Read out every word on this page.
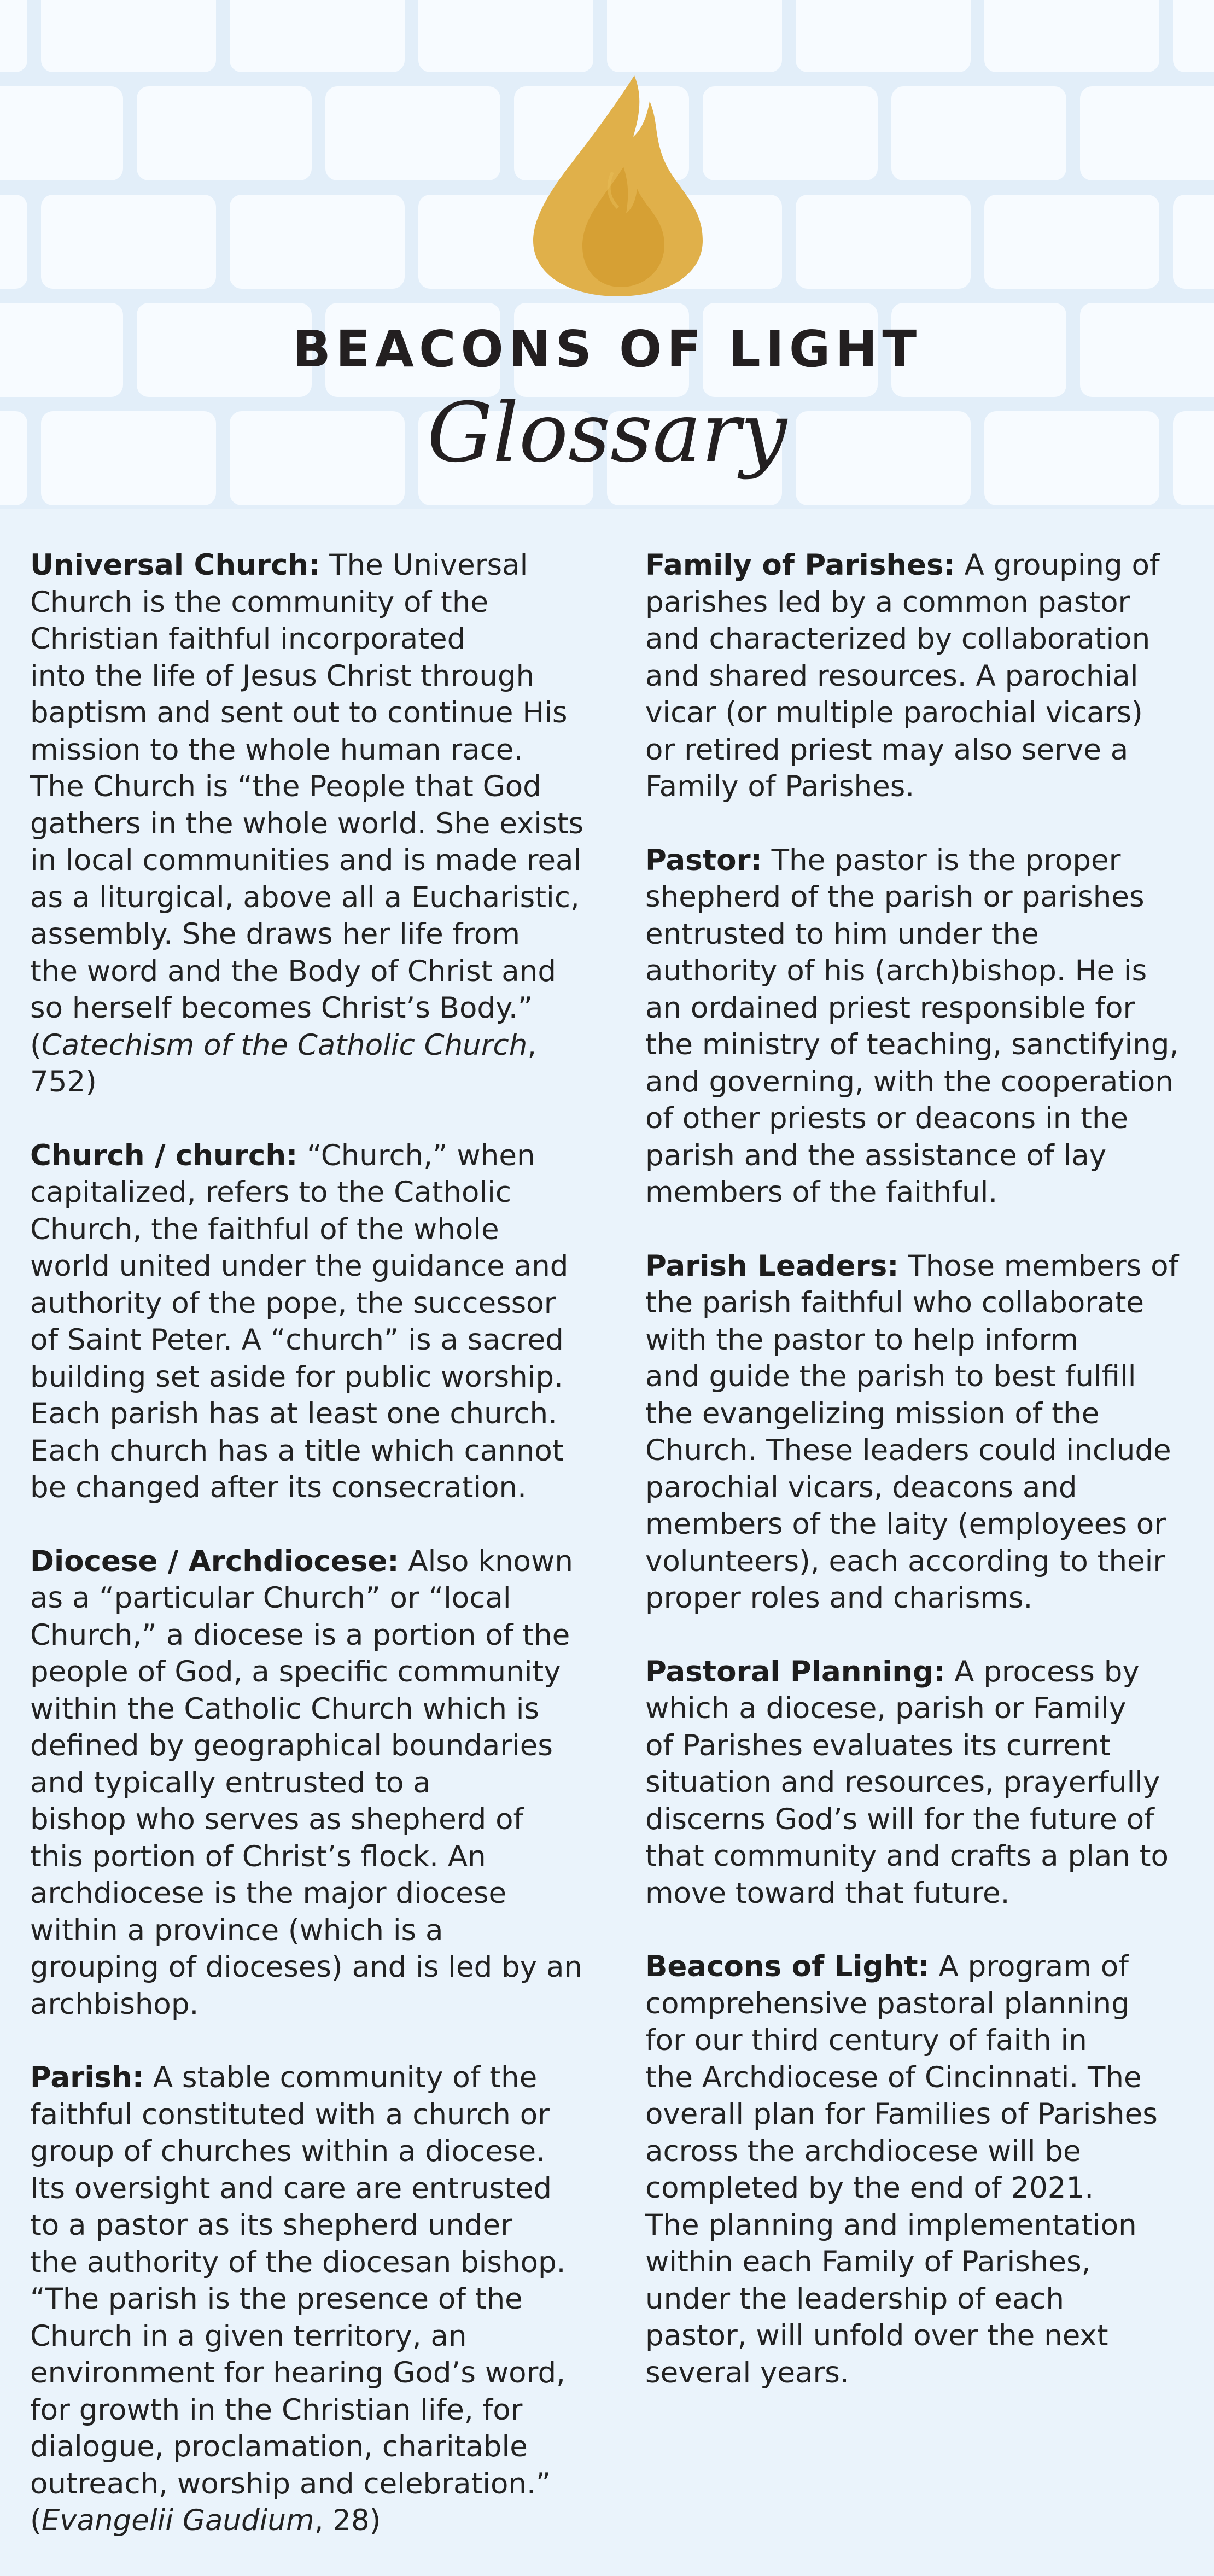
BEACONS OF LIGHT
Glossary

Universal Church: The Universal
Church is the community of the
Christian faithful incorporated
into the life of Jesus Christ through
baptism and sent out to continue His
mission to the whole human race.
The Church is “the People that God
gathers in the whole world. She exists
in local communities and is made real
as a liturgical, above all a Eucharistic,
assembly. She draws her life from
the word and the Body of Christ and
so herself becomes Christ’s Body.”
(Catechism of the Catholic Church, 752)

Church / church: “Church,” when
capitalized, refers to the Catholic
Church, the faithful of the whole
world united under the guidance and
authority of the pope, the successor
of Saint Peter. A “church” is a sacred
building set aside for public worship.
Each parish has at least one church.
Each church has a title which cannot
be changed after its consecration.

Diocese / Archdiocese: Also known
as a “particular Church” or “local
Church,” a diocese is a portion of the
people of God, a specific community
within the Catholic Church which is
defined by geographical boundaries
and typically entrusted to a
bishop who serves as shepherd of
this portion of Christ’s flock. An
archdiocese is the major diocese
within a province (which is a
grouping of dioceses) and is led by an
archbishop.

Parish: A stable community of the
faithful constituted with a church or
group of churches within a diocese.
Its oversight and care are entrusted
to a pastor as its shepherd under
the authority of the diocesan bishop.
“The parish is the presence of the
Church in a given territory, an
environment for hearing God’s word,
for growth in the Christian life, for
dialogue, proclamation, charitable
outreach, worship and celebration.”
(Evangelii Gaudium, 28)

Family of Parishes: A grouping of
parishes led by a common pastor
and characterized by collaboration
and shared resources. A parochial
vicar (or multiple parochial vicars)
or retired priest may also serve a
Family of Parishes.

Pastor: The pastor is the proper
shepherd of the parish or parishes
entrusted to him under the
authority of his (arch)bishop. He is
an ordained priest responsible for
the ministry of teaching, sanctifying,
and governing, with the cooperation
of other priests or deacons in the
parish and the assistance of lay
members of the faithful.

Parish Leaders: Those members of
the parish faithful who collaborate
with the pastor to help inform
and guide the parish to best fulfill
the evangelizing mission of the
Church. These leaders could include
parochial vicars, deacons and
members of the laity (employees or
volunteers), each according to their
proper roles and charisms.

Pastoral Planning: A process by
which a diocese, parish or Family
of Parishes evaluates its current
situation and resources, prayerfully
discerns God’s will for the future of
that community and crafts a plan to
move toward that future.

Beacons of Light: A program of
comprehensive pastoral planning
for our third century of faith in
the Archdiocese of Cincinnati. The
overall plan for Families of Parishes
across the archdiocese will be
completed by the end of 2021.
The planning and implementation
within each Family of Parishes,
under the leadership of each
pastor, will unfold over the next
several years.
